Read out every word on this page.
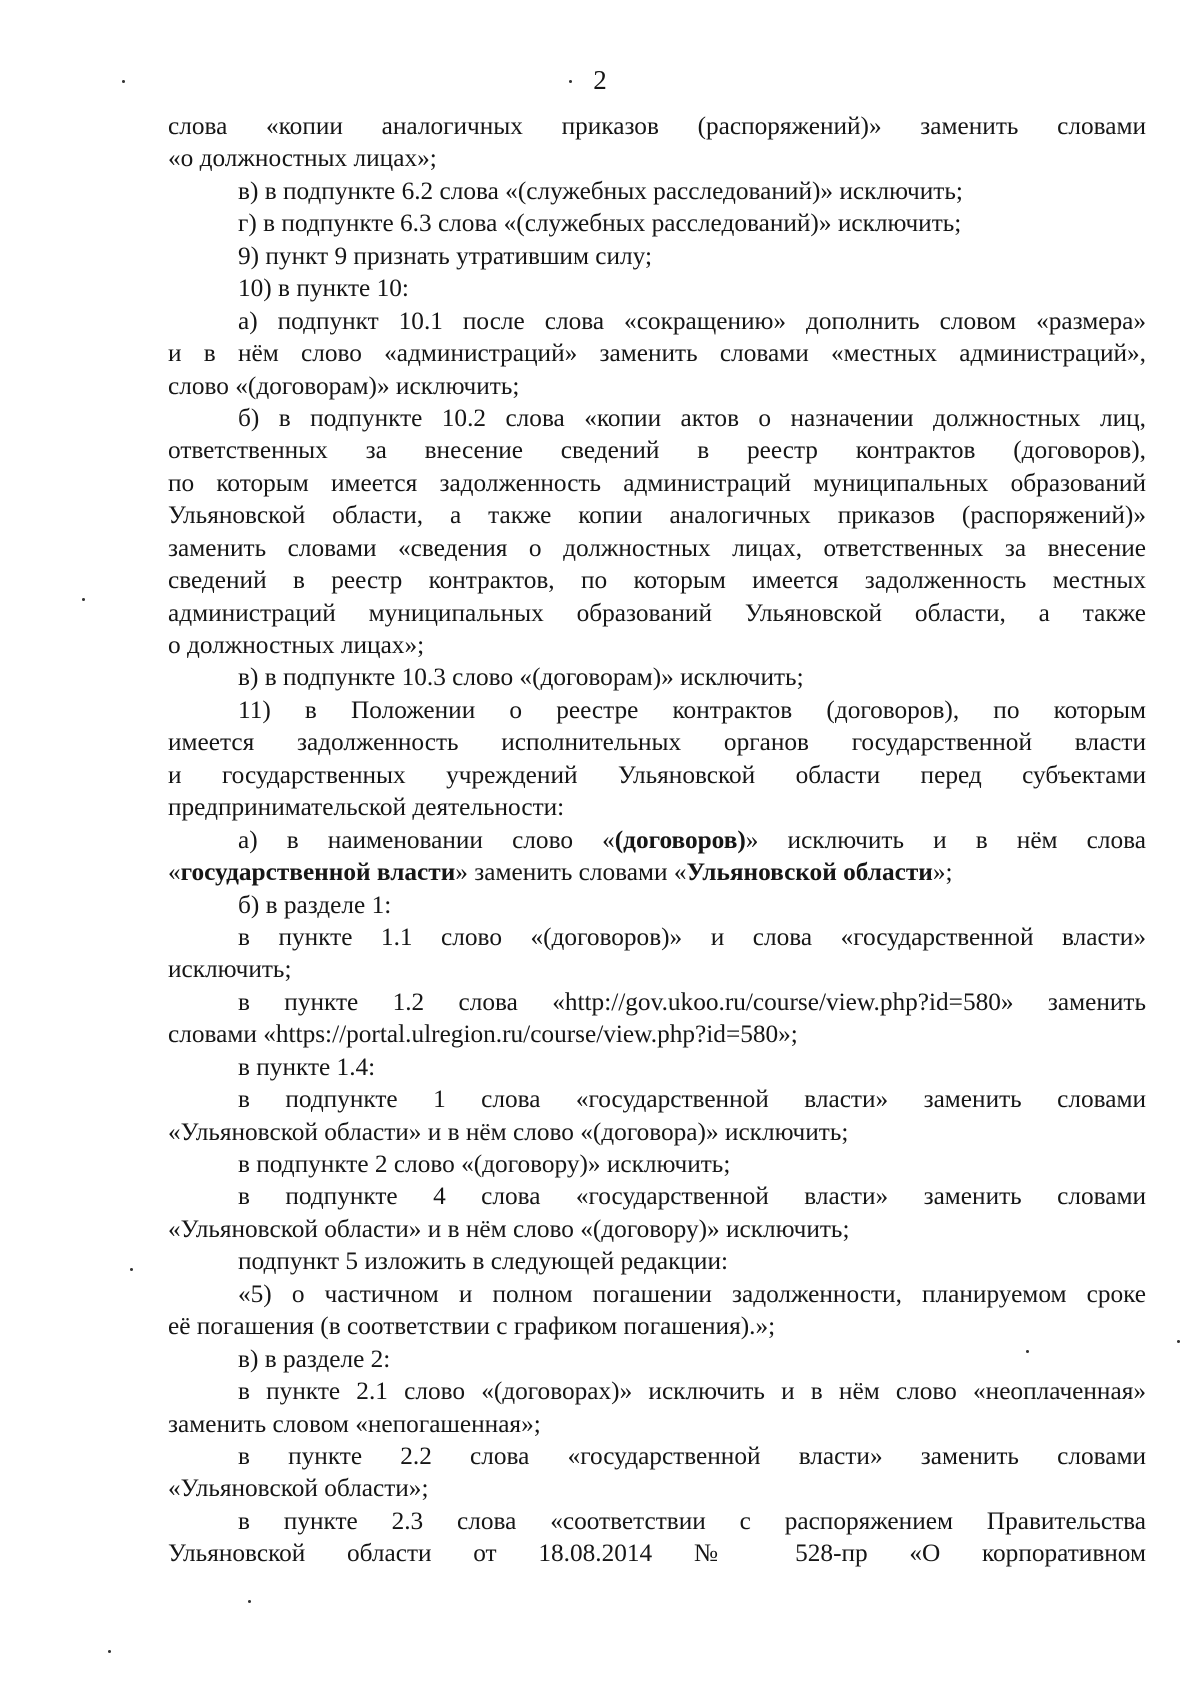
2
слова «копии аналогичных приказов (распоряжений)» заменить словами
«о должностных лицах»;
в) в подпункте 6.2 слова «(служебных расследований)» исключить;
г) в подпункте 6.3 слова «(служебных расследований)» исключить;
9) пункт 9 признать утратившим силу;
10) в пункте 10:
а) подпункт 10.1 после слова «сокращению» дополнить словом «размера»
и в нём слово «администраций» заменить словами «местных администраций»,
слово «(договорам)» исключить;
б) в подпункте 10.2 слова «копии актов о назначении должностных лиц,
ответственных за внесение сведений в реестр контрактов (договоров),
по которым имеется задолженность администраций муниципальных образований
Ульяновской области, а также копии аналогичных приказов (распоряжений)»
заменить словами «сведения о должностных лицах, ответственных за внесение
сведений в реестр контрактов, по которым имеется задолженность местных
администраций муниципальных образований Ульяновской области, а также
о должностных лицах»;
в) в подпункте 10.3 слово «(договорам)» исключить;
11) в Положении о реестре контрактов (договоров), по которым
имеется задолженность исполнительных органов государственной власти
и государственных учреждений Ульяновской области перед субъектами
предпринимательской деятельности:
а) в наименовании слово «(договоров)» исключить и в нём слова
«государственной власти» заменить словами «Ульяновской области»;
б) в разделе 1:
в пункте 1.1 слово «(договоров)» и слова «государственной власти»
исключить;
в пункте 1.2 слова «http://gov.ukoo.ru/course/view.php?id=580» заменить
словами «https://portal.ulregion.ru/course/view.php?id=580»;
в пункте 1.4:
в подпункте 1 слова «государственной власти» заменить словами
«Ульяновской области» и в нём слово «(договора)» исключить;
в подпункте 2 слово «(договору)» исключить;
в подпункте 4 слова «государственной власти» заменить словами
«Ульяновской области» и в нём слово «(договору)» исключить;
подпункт 5 изложить в следующей редакции:
«5) о частичном и полном погашении задолженности, планируемом сроке
её погашения (в соответствии с графиком погашения).»;
в) в разделе 2:
в пункте 2.1 слово «(договорах)» исключить и в нём слово «неоплаченная»
заменить словом «непогашенная»;
в пункте 2.2 слова «государственной власти» заменить словами
«Ульяновской области»;
в пункте 2.3 слова «соответствии с распоряжением Правительства
Ульяновской области от 18.08.2014 № 528-пр «О корпоративном
